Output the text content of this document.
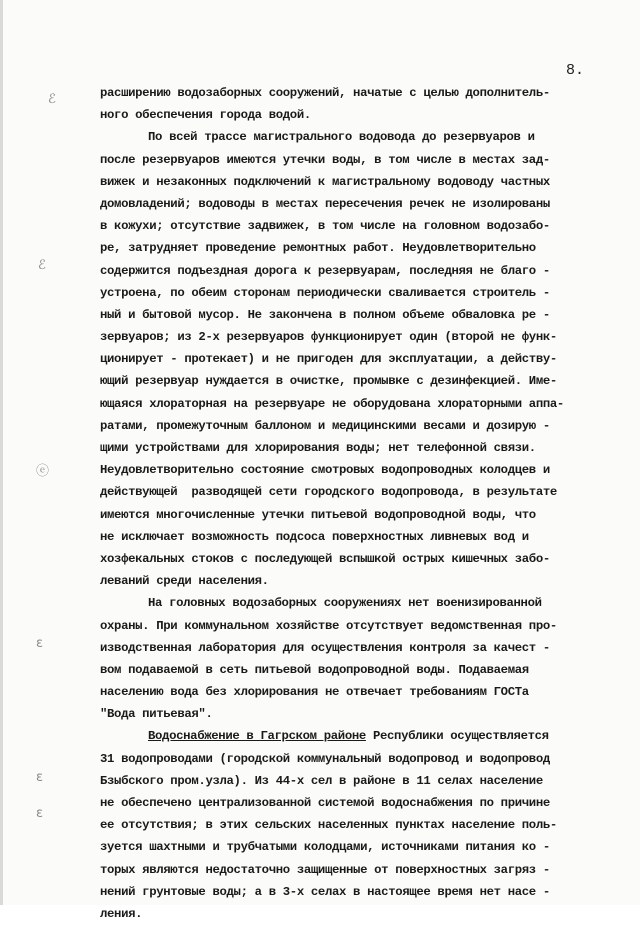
ℰ
ℰ
ⓔ
ɛ
ɛ
ɛ
8.
расширению водозаборных сооружений, начатые с целью дополнитель-
ного обеспечения города водой.
По всей трассе магистрального водовода до резервуаров и
после резервуаров имеются утечки воды, в том числе в местах зад-
вижек и незаконных подключений к магистральному водоводу частных
домовладений; водоводы в местах пересечения речек не изолированы
в кожухи; отсутствие задвижек, в том числе на головном водозабо-
ре, затрудняет проведение ремонтных работ. Неудовлетворительно
содержится подъездная дорога к резервуарам, последняя не благо -
устроена, по обеим сторонам периодически сваливается строитель -
ный и бытовой мусор. Не закончена в полном объеме обваловка ре -
зервуаров; из 2-х резервуаров функционирует один (второй не функ-
ционирует - протекает) и не пригоден для эксплуатации, а действу-
ющий резервуар нуждается в очистке, промывке с дезинфекцией. Име-
ющаяся хлораторная на резервуаре не оборудована хлораторными аппа-
ратами, промежуточным баллоном и медицинскими весами и дозирую -
щими устройствами для хлорирования воды; нет телефонной связи.
Неудовлетворительно состояние смотровых водопроводных колодцев и
действующей  разводящей сети городского водопровода, в результате
имеются многочисленные утечки питьевой водопроводной воды, что
не исключает возможность подсоса поверхностных ливневых вод и
хозфекальных стоков с последующей вспышкой острых кишечных забо-
леваний среди населения.
На головных водозаборных сооружениях нет военизированной
охраны. При коммунальном хозяйстве отсутствует ведомственная про-
изводственная лаборатория для осуществления контроля за качест -
вом подаваемой в сеть питьевой водопроводной воды. Подаваемая
населению вода без хлорирования не отвечает требованиям ГОСТа
"Вода питьевая".
Водоснабжение в Гагрском районе Республики осуществляется
31 водопроводами (городской коммунальный водопровод и водопровод
Бзыбского пром.узла). Из 44-х сел в районе в 11 селах население
не обеспечено централизованной системой водоснабжения по причине
ее отсутствия; в этих сельских населенных пунктах население поль-
зуется шахтными и трубчатыми колодцами, источниками питания ко -
торых являются недостаточно защищенные от поверхностных загряз -
нений грунтовые воды; а в 3-х селах в настоящее время нет насе -
ления.
